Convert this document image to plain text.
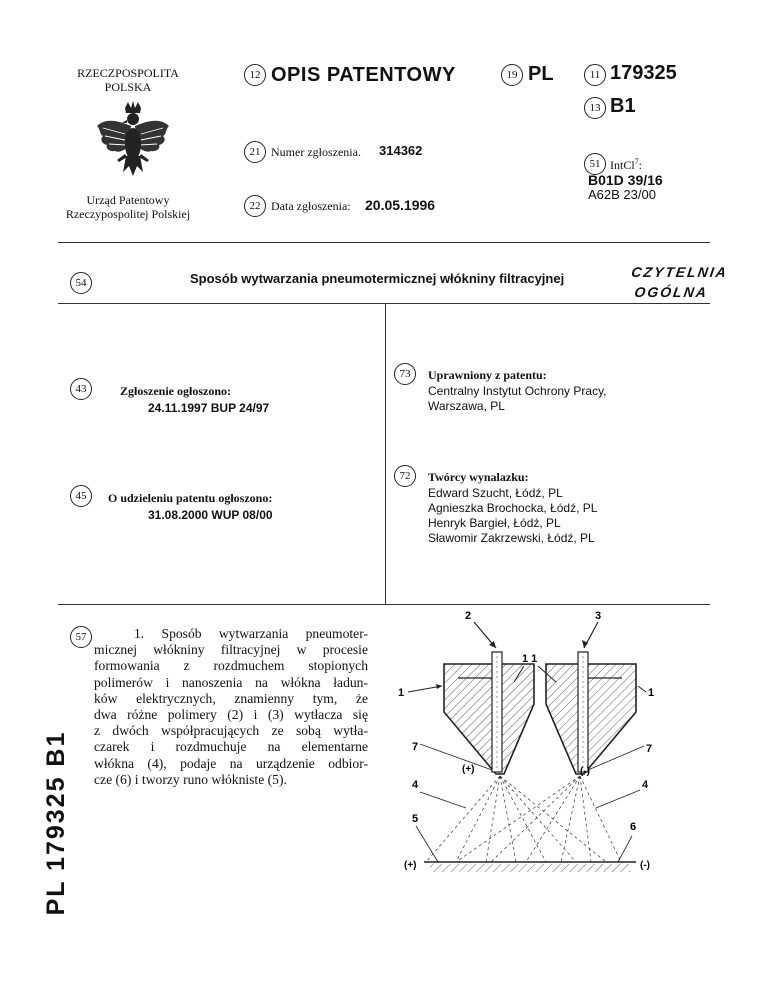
RZECZPOSPOLITA
POLSKA
Urząd Patentowy
Rzeczypospolitej Polskiej
12 OPIS PATENTOWY	19 PL
21 Numer zgłoszenia. 314362
22 Data zgłoszenia: 20.05.1996
11 179325
13 B1
51 IntCl$^7$:
B01D 39/16
A62B 23/00
54	Sposób wytwarzania pneumotermicznej włókniny filtracyjnej	CZYTELNIA
OGÓLNA
43	Zgłoszenie ogłoszono:
24.11.1997 BUP 24/97
45	O udzieleniu patentu ogłoszono:
31.08.2000 WUP 08/00
73	Uprawniony z patentu:
Centralny Instytut Ochrony Pracy,
Warszawa, PL
72	Twórcy wynalazku:
Edward Szucht, Łódź, PL
Agnieszka Brochocka, Łódź, PL
Henryk Bargieł, Łódź, PL
Sławomir Zakrzewski, Łódź, PL
57	1. Sposób wytwarzania pneumoter-
micznej włókniny filtracyjnej w procesie
formowania z rozdmuchem stopionych
polimerów i nanoszenia na włókna ładun-
ków elektrycznych, znamienny tym, że
dwa różne polimery (2) i (3) wytłacza się
z dwóch współpracujących ze sobą wytła-
czarek i rozdmuchuje na elementarne
włókna (4), podaje na urządzenie odbior-
cze (6) i tworzy runo włókniste (5).
PL 179325 B1
2	3
1 1
1	1
7	7
(+)	(-)
4	4
5
6
(+)	(-)
